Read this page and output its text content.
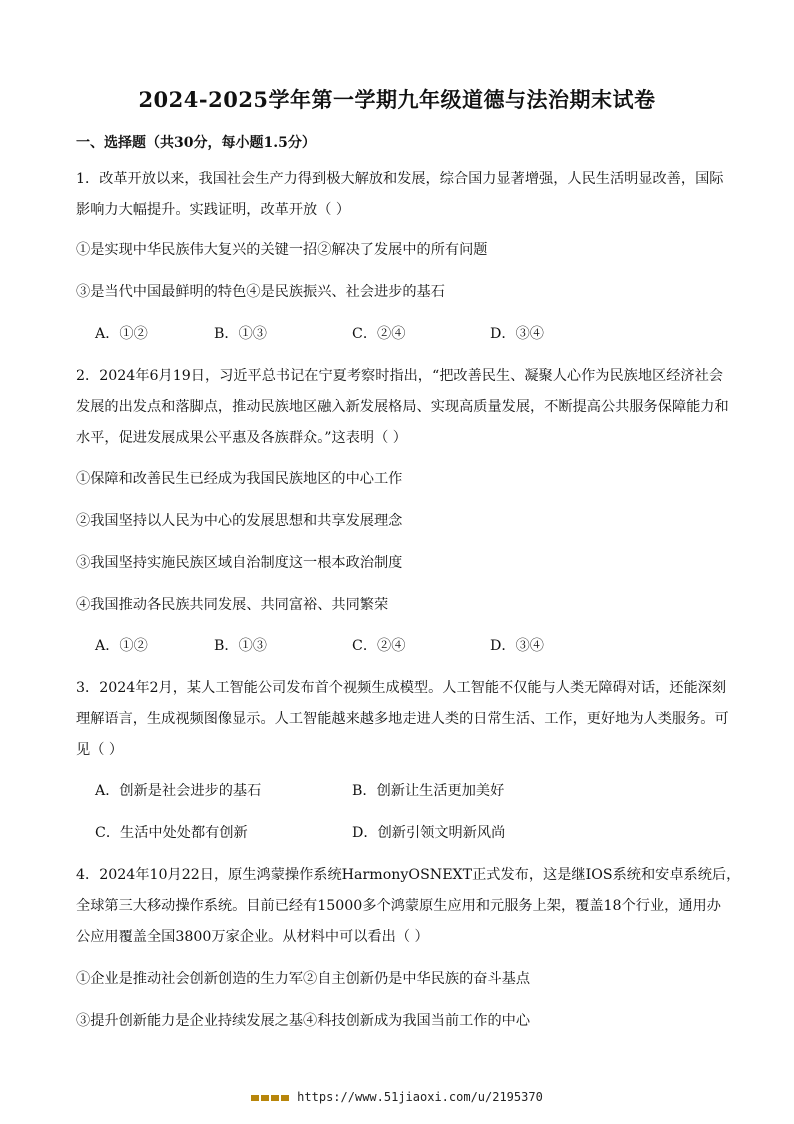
2024-2025学年第一学期九年级道德与法治期末试卷
一、选择题（共30分，每小题1.5分）
1．改革开放以来，我国社会生产力得到极大解放和发展，综合国力显著增强，人民生活明显改善，国际
影响力大幅提升。实践证明，改革开放（ ）
①是实现中华民族伟大复兴的关键一招②解决了发展中的所有问题
③是当代中国最鲜明的特色④是民族振兴、社会进步的基石
A．①②	B．①③	C．②④	D．③④
2．2024年6月19日，习近平总书记在宁夏考察时指出，“把改善民生、凝聚人心作为民族地区经济社会
发展的出发点和落脚点，推动民族地区融入新发展格局、实现高质量发展，不断提高公共服务保障能力和
水平，促进发展成果公平惠及各族群众。”这表明（ ）
①保障和改善民生已经成为我国民族地区的中心工作
②我国坚持以人民为中心的发展思想和共享发展理念
③我国坚持实施民族区域自治制度这一根本政治制度
④我国推动各民族共同发展、共同富裕、共同繁荣
A．①②	B．①③	C．②④	D．③④
3．2024年2月，某人工智能公司发布首个视频生成模型。人工智能不仅能与人类无障碍对话，还能深刻
理解语言，生成视频图像显示。人工智能越来越多地走进人类的日常生活、工作，更好地为人类服务。可
见（ ）
A．创新是社会进步的基石	B．创新让生活更加美好
C．生活中处处都有创新	D．创新引领文明新风尚
4．2024年10月22日，原生鸿蒙操作系统HarmonyOSNEXT正式发布，这是继IOS系统和安卓系统后，
全球第三大移动操作系统。目前已经有15000多个鸿蒙原生应用和元服务上架，覆盖18个行业，通用办
公应用覆盖全国3800万家企业。从材料中可以看出（ ）
①企业是推动社会创新创造的生力军②自主创新仍是中华民族的奋斗基点
③提升创新能力是企业持续发展之基④科技创新成为我国当前工作的中心
https://www.51jiaoxi.com/u/2195370
